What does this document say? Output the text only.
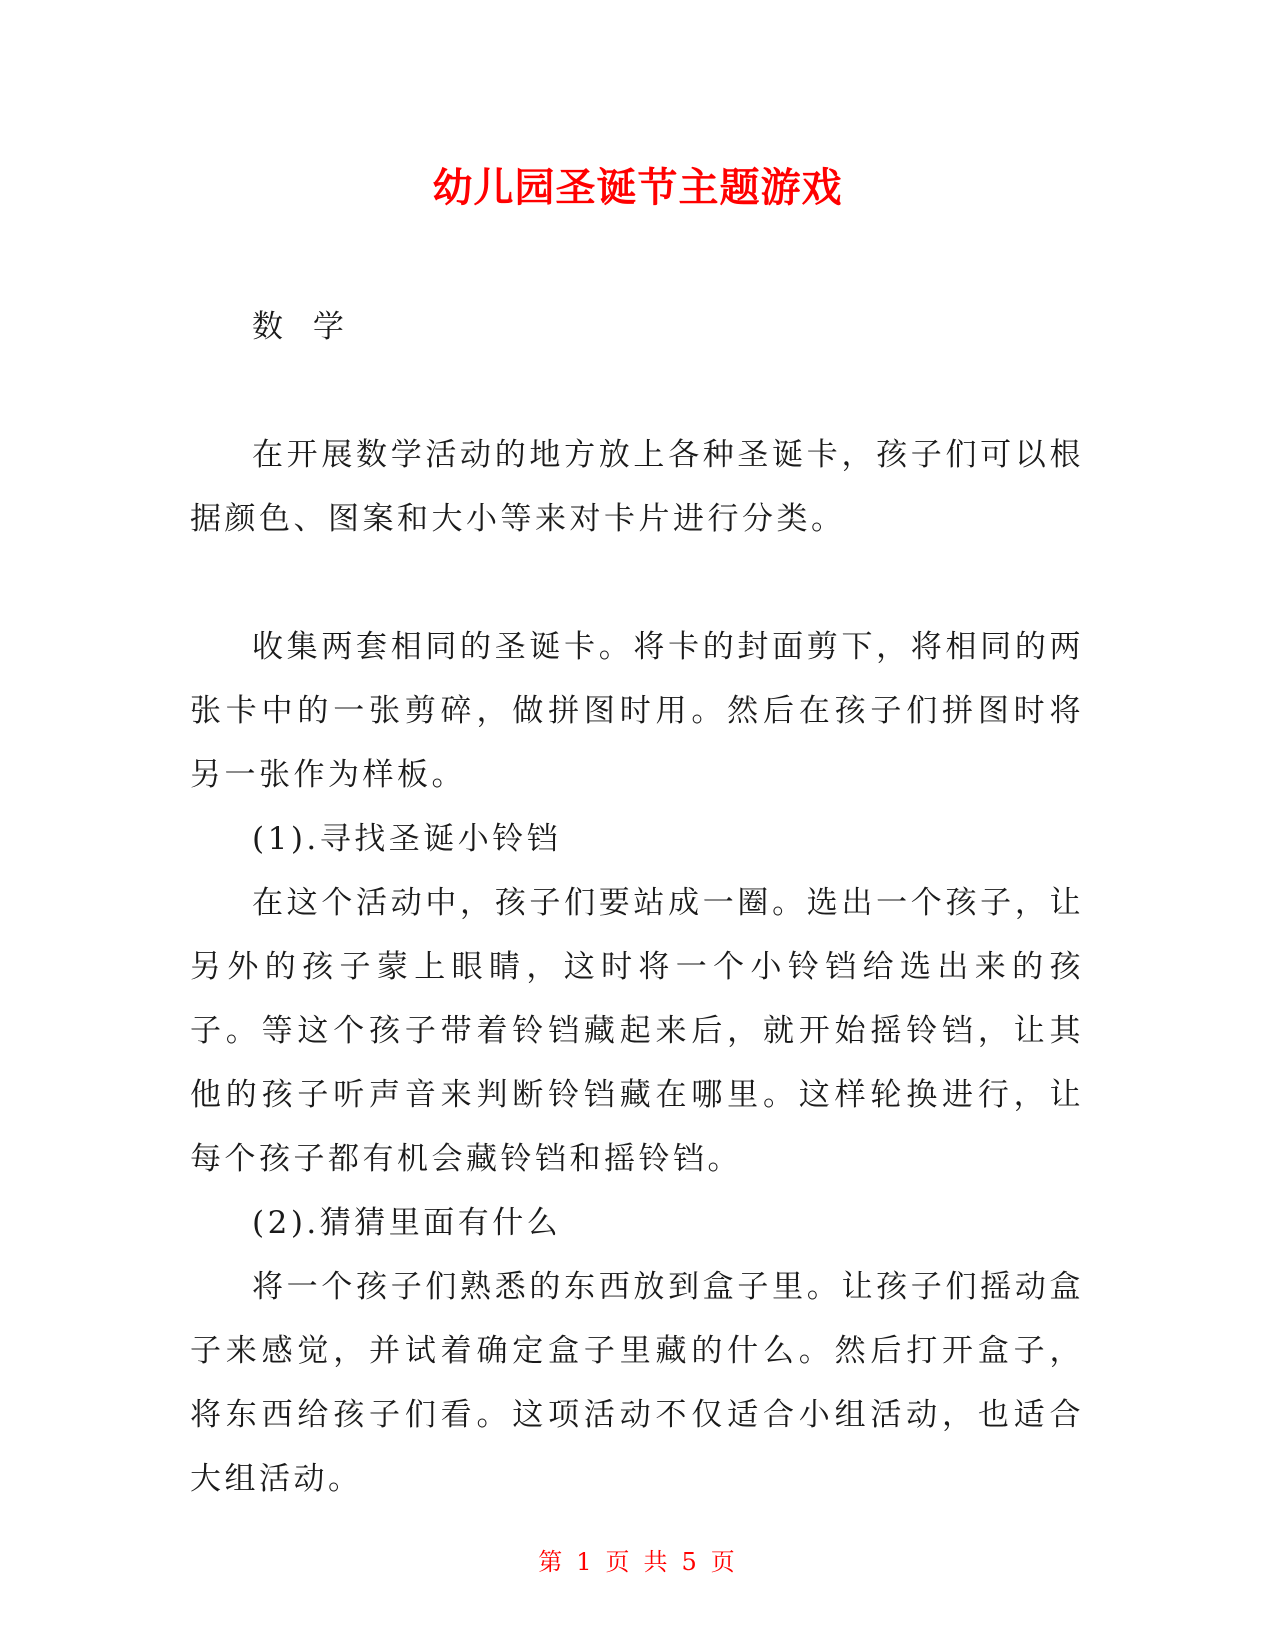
幼儿园圣诞节主题游戏

数 学

在开展数学活动的地方放上各种圣诞卡，孩子们可以根据颜色、图案和大小等来对卡片进行分类。

收集两套相同的圣诞卡。将卡的封面剪下，将相同的两张卡中的一张剪碎，做拼图时用。然后在孩子们拼图时将另一张作为样板。

(1).寻找圣诞小铃铛

在这个活动中，孩子们要站成一圈。选出一个孩子，让另外的孩子蒙上眼睛，这时将一个小铃铛给选出来的孩子。等这个孩子带着铃铛藏起来后，就开始摇铃铛，让其他的孩子听声音来判断铃铛藏在哪里。这样轮换进行，让每个孩子都有机会藏铃铛和摇铃铛。

(2).猜猜里面有什么

将一个孩子们熟悉的东西放到盒子里。让孩子们摇动盒子来感觉，并试着确定盒子里藏的什么。然后打开盒子，将东西给孩子们看。这项活动不仅适合小组活动，也适合大组活动。

第 1 页 共 5 页
